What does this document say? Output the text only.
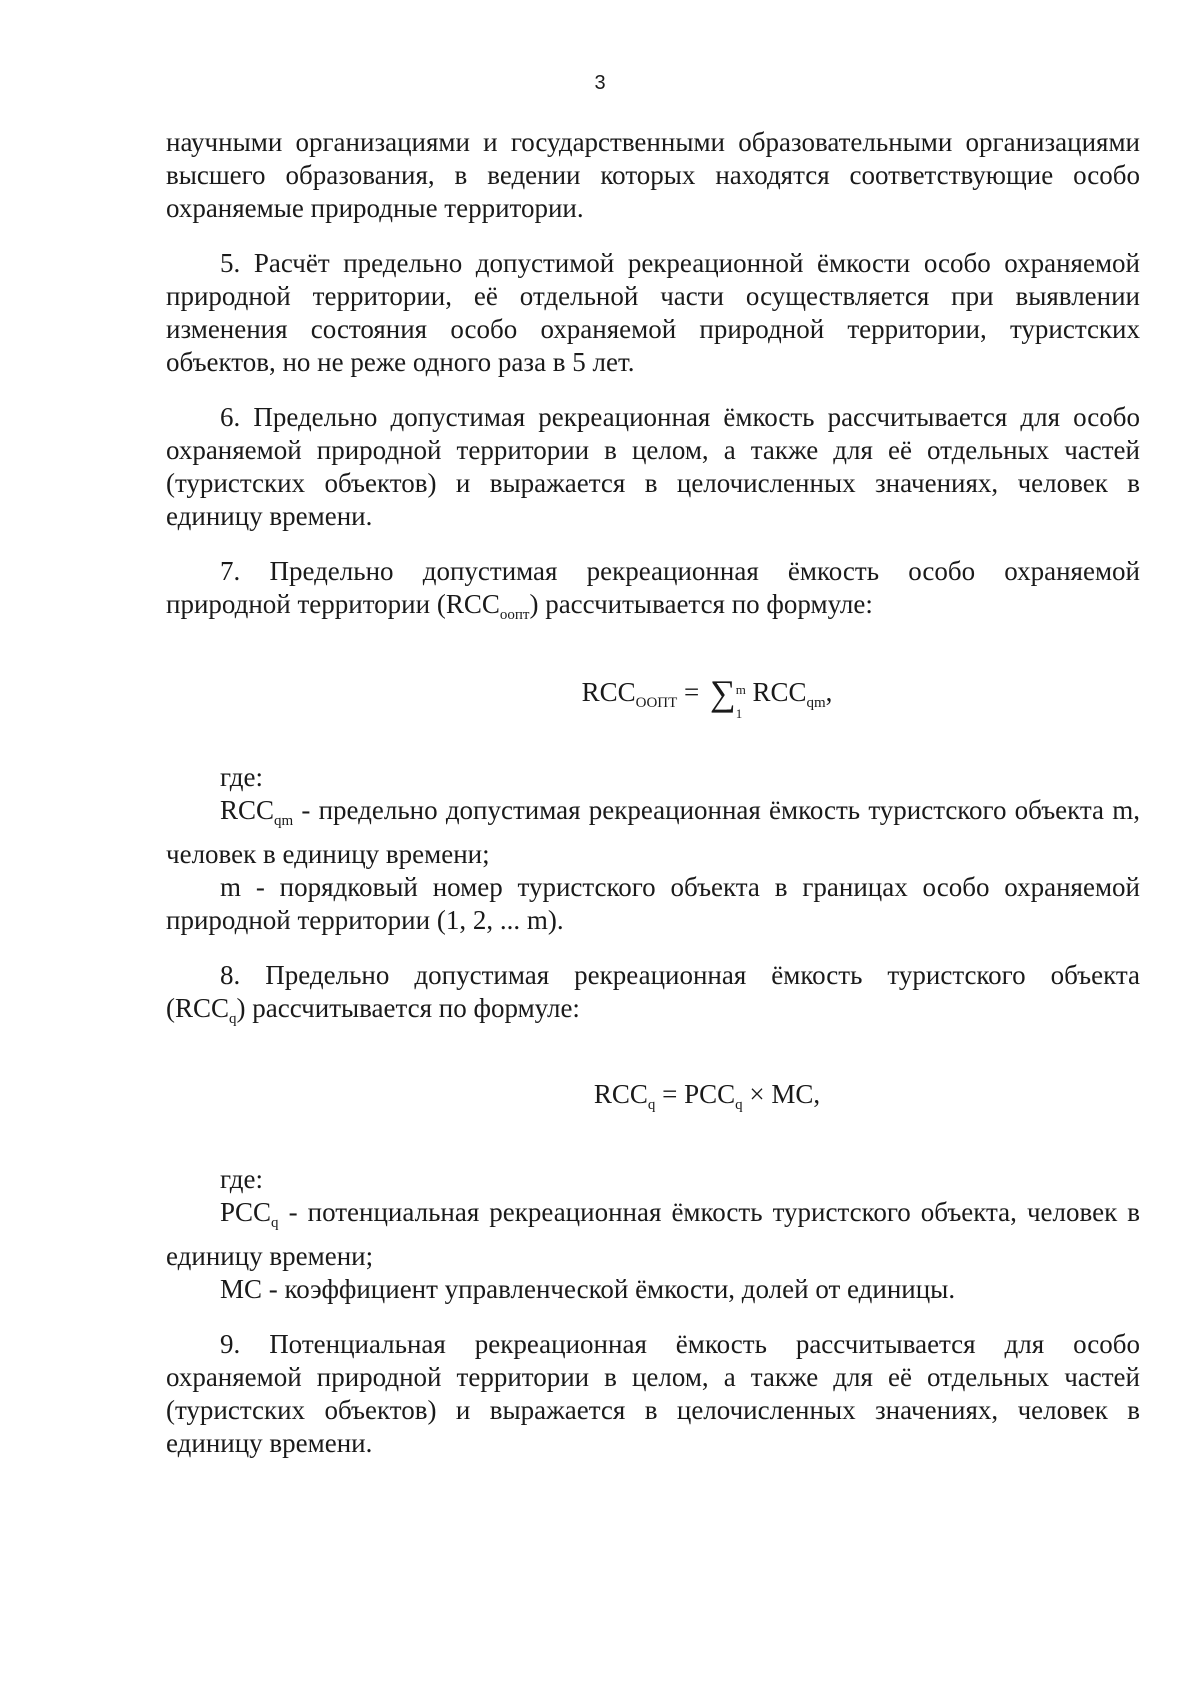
3

научными организациями и государственными образовательными организациями высшего образования, в ведении которых находятся соответствующие особо охраняемые природные территории.

5. Расчёт предельно допустимой рекреационной ёмкости особо охраняемой природной территории, её отдельной части осуществляется при выявлении изменения состояния особо охраняемой природной территории, туристских объектов, но не реже одного раза в 5 лет.

6. Предельно допустимая рекреационная ёмкость рассчитывается для особо охраняемой природной территории в целом, а также для её отдельных частей (туристских объектов) и выражается в целочисленных значениях, человек в единицу времени.

7. Предельно допустимая рекреационная ёмкость особо охраняемой

природной территории $(RCC_{оопт})$ рассчитывается по формуле:

$RCC_{ООПТ}$ = ∑ m
1
$RCC_{qm}$,

где:

$RCC_{qm}$ - предельно допустимая рекреационная ёмкость туристского объекта m, человек в единицу времени;

m - порядковый номер туристского объекта в границах особо охраняемой природной территории (1, 2, ... m).

8. Предельно допустимая рекреационная ёмкость туристского объекта

$(RCC_q)$ рассчитывается по формуле:

$RCC_q = PCC_q$ × MC,

где:

$PCC_q$ - потенциальная рекреационная ёмкость туристского объекта, человек в единицу времени;

MC - коэффициент управленческой ёмкости, долей от единицы.

9. Потенциальная рекреационная ёмкость рассчитывается для особо охраняемой природной территории в целом, а также для её отдельных частей (туристских объектов) и выражается в целочисленных значениях, человек в единицу времени.
